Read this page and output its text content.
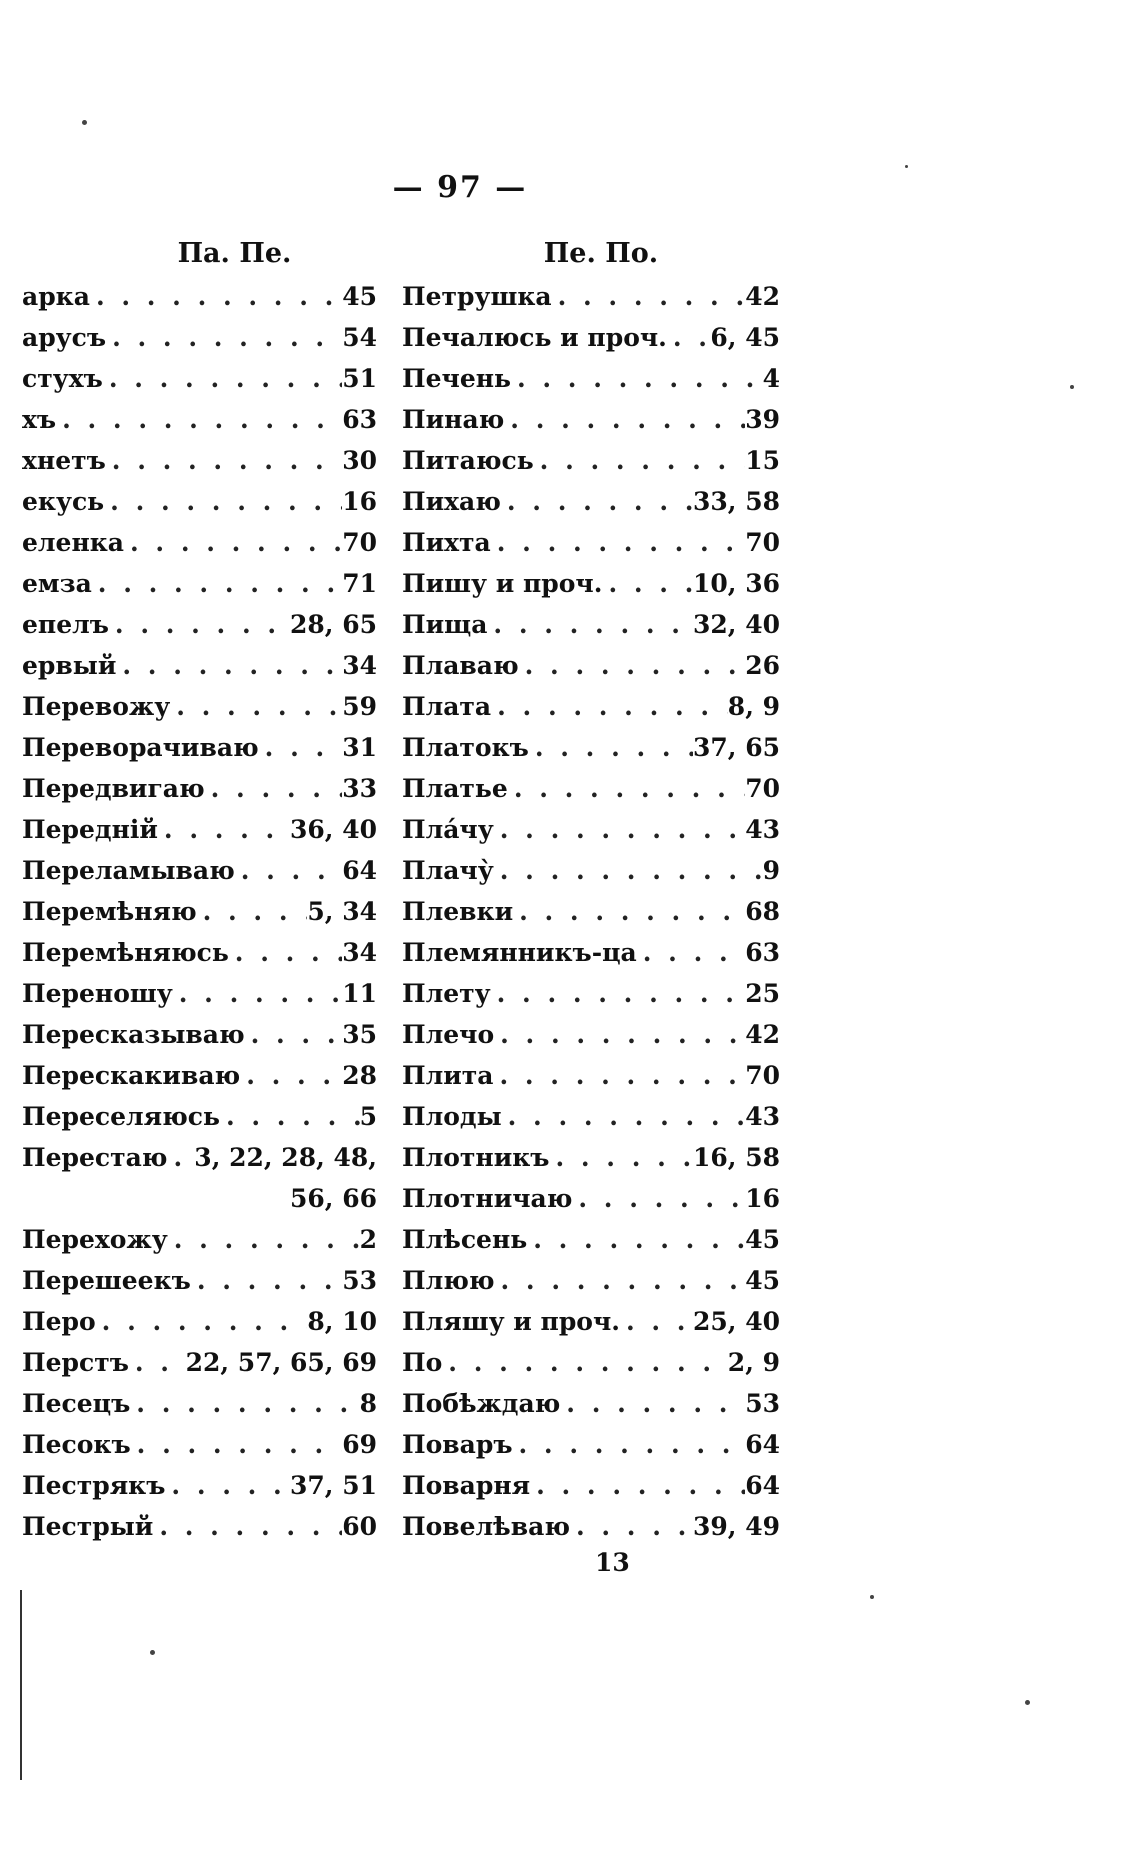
— 97 —
Па. Пе.
арка . . .	45
арусъ . . .	54
стухъ . . .	51
хъ . . .	63
хнетъ . . .	30
екусь . . .	16
еленка . . .	70
емза . . .	71
епелъ . . .	28, 65
ервый . . .	34
Перевожу . . .	59
Переворачиваю . . .	31
Передвигаю . . .	33
Передній . . .	36, 40
Переламываю . . .	64
Перемѣняю . . .	5, 34
Перемѣняюсь . . .	34
Переношу . . .	11
Пересказываю . . .	35
Перескакиваю . . .	28
Переселяюсь . . .	5
Перестаю . . . 3, 22, 28, 48,
56, 66
Перехожу . . .	2
Перешеекъ . . .	53
Перо . . .	8, 10
Перстъ . . . 22, 57, 65, 69
Песецъ . . .	8
Песокъ . . .	69
Пестрякъ . . .	37, 51
Пестрый . . .	60
Пе. По.
Петрушка . . .	42
Печалюсь и проч. . . . 6, 45
Печень . . .	4
Пинаю . . .	39
Питаюсь . . .	15
Пихаю . . .	33, 58
Пихта . . .	70
Пишу и проч. . . .	10, 36
Пища . . .	32, 40
Плаваю . . .	26
Плата . . .	8, 9
Платокъ . . .	37, 65
Платье . . .	70
Пла́чу . . .	43
Плачу̀ . . .	9
Плевки . . .	68
Племянникъ-ца . . .	63
Плету . . .	25
Плечо . . .	42
Плита . . .	70
Плоды . . .	43
Плотникъ . . .	16, 58
Плотничаю . . .	16
Плѣсень . . .	45
Плюю . . .	45
Пляшу и проч. . . .	25, 40
По . . .	2, 9
Побѣждаю . . .	53
Поваръ . . .	64
Поварня . . .	64
Повелѣваю . . .	39, 49
13
